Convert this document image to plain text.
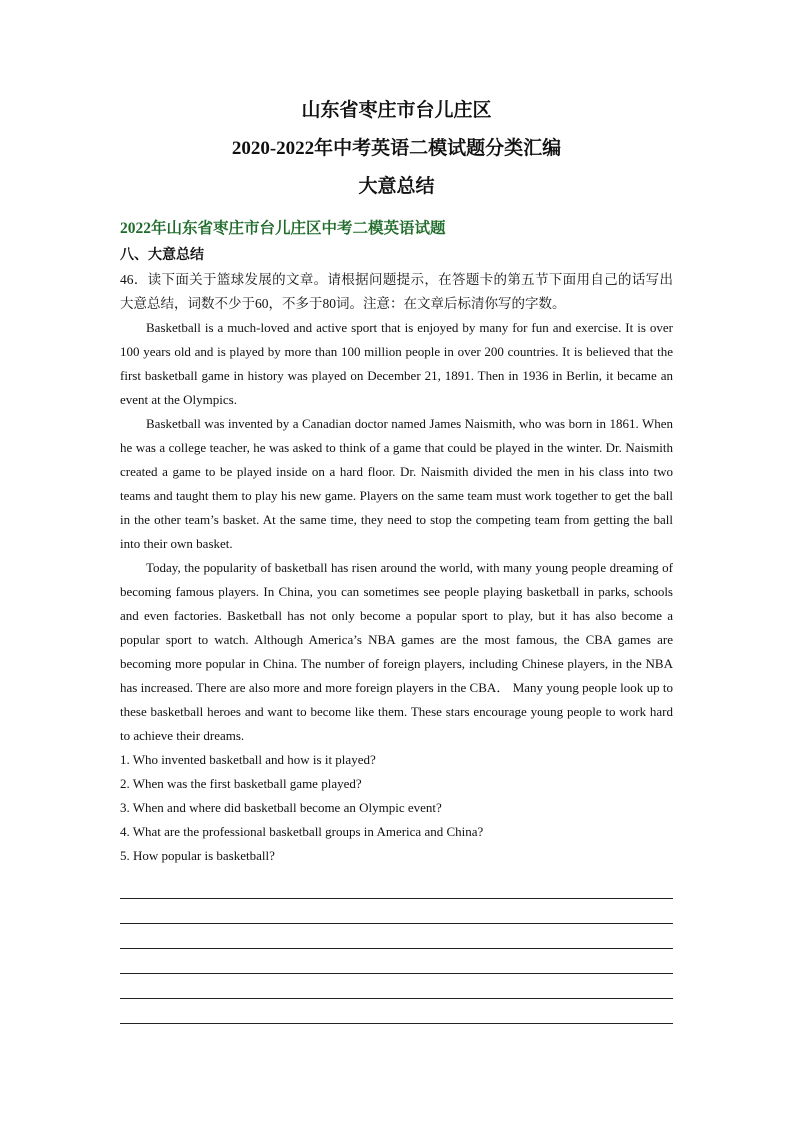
山东省枣庄市台儿庄区
2020-2022年中考英语二模试题分类汇编
大意总结
2022年山东省枣庄市台儿庄区中考二模英语试题
八、大意总结

46．读下面关于篮球发展的文章。请根据问题提示，在答题卡的第五节下面用自己的话写出大意总结，词数不少于60，不多于80词。注意：在文章后标清你写的字数。

Basketball is a much-loved and active sport that is enjoyed by many for fun and exercise. It is over 100 years old and is played by more than 100 million people in over 200 countries. It is believed that the first basketball game in history was played on December 21, 1891. Then in 1936 in Berlin, it became an event at the Olympics.

Basketball was invented by a Canadian doctor named James Naismith, who was born in 1861. When he was a college teacher, he was asked to think of a game that could be played in the winter. Dr. Naismith created a game to be played inside on a hard floor. Dr. Naismith divided the men in his class into two teams and taught them to play his new game. Players on the same team must work together to get the ball in the other team’s basket. At the same time, they need to stop the competing team from getting the ball into their own basket.

Today, the popularity of basketball has risen around the world, with many young people dreaming of becoming famous players. In China, you can sometimes see people playing basketball in parks, schools and even factories. Basketball has not only become a popular sport to play, but it has also become a popular sport to watch. Although America’s NBA games are the most famous, the CBA games are becoming more popular in China. The number of foreign players, including Chinese players, in the NBA has increased. There are also more and more foreign players in the CBA． Many young people look up to these basketball heroes and want to become like them. These stars encourage young people to work hard to achieve their dreams.

1. Who invented basketball and how is it played?
2. When was the first basketball game played?
3. When and where did basketball become an Olympic event?
4. What are the professional basketball groups in America and China?
5. How popular is basketball?
